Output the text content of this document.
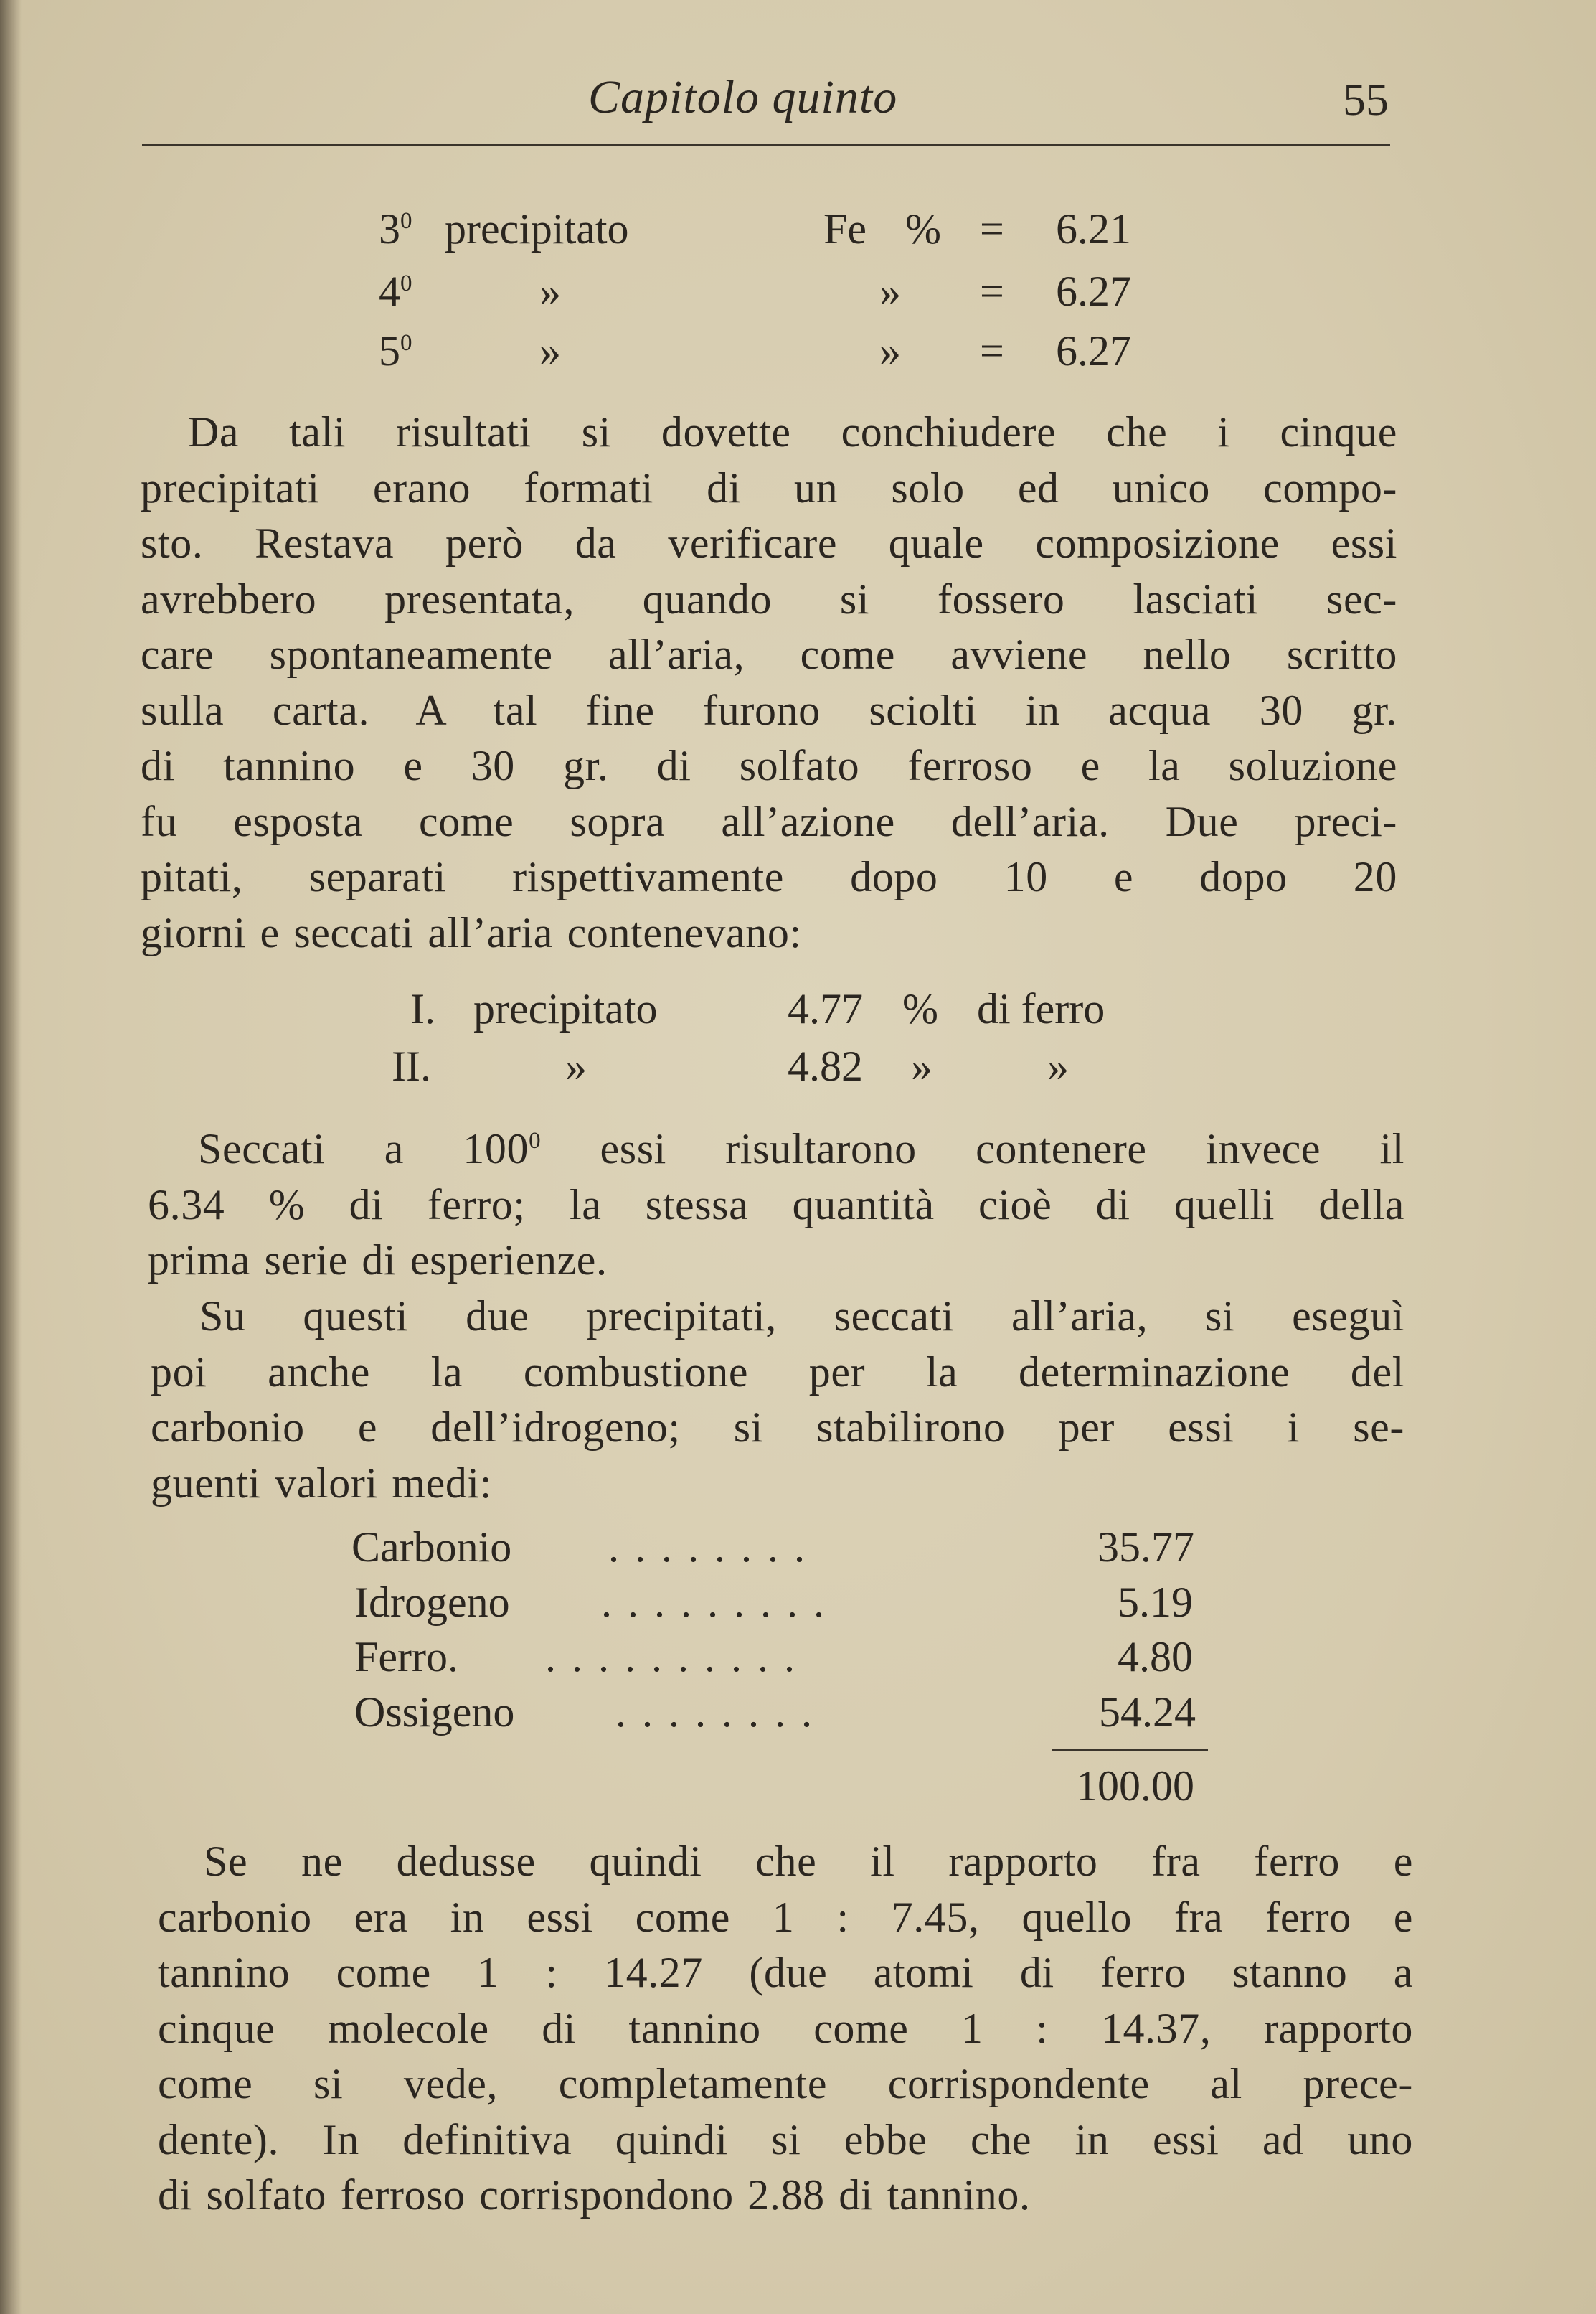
Capitolo quinto	55
$3^0$ precipitato	Fe % = 6.21
$4^0$	»	» = 6.27
$5^0$	»	» = 6.27
Da tali risultati si dovette conchiudere che i cinque
precipitati erano formati di un solo ed unico compo-
sto. Restava però da verificare quale composizione essi
avrebbero presentata, quando si fossero lasciati sec-
care spontaneamente all’aria, come avviene nello scritto
sulla carta. A tal fine furono sciolti in acqua 30 gr.
di tannino e 30 gr. di solfato ferroso e la soluzione
fu esposta come sopra all’azione dell’aria. Due preci-
pitati, separati rispettivamente dopo 10 e dopo 20
giorni e seccati all’aria contenevano:
I. precipitato	4.77 % di ferro
II.	»	4.82 »	»
Seccati a $100^0$ essi risultarono contenere invece il
6.34 % di ferro; la stessa quantità cioè di quelli della
prima serie di esperienze.
Su questi due precipitati, seccati all’aria, si eseguì
poi anche la combustione per la determinazione del
carbonio e dell’idrogeno; si stabilirono per essi i se-
guenti valori medi:
Carbonio ........	35.77
Idrogeno .........	5.19
Ferro. ..........	4.80
Ossigeno ........	54.24
100.00
Se ne dedusse quindi che il rapporto fra ferro e
carbonio era in essi come 1 : 7.45, quello fra ferro e
tannino come 1 : 14.27 (due atomi di ferro stanno a
cinque molecole di tannino come 1 : 14.37, rapporto
come si vede, completamente corrispondente al prece-
dente). In definitiva quindi si ebbe che in essi ad uno
di solfato ferroso corrispondono 2.88 di tannino.
